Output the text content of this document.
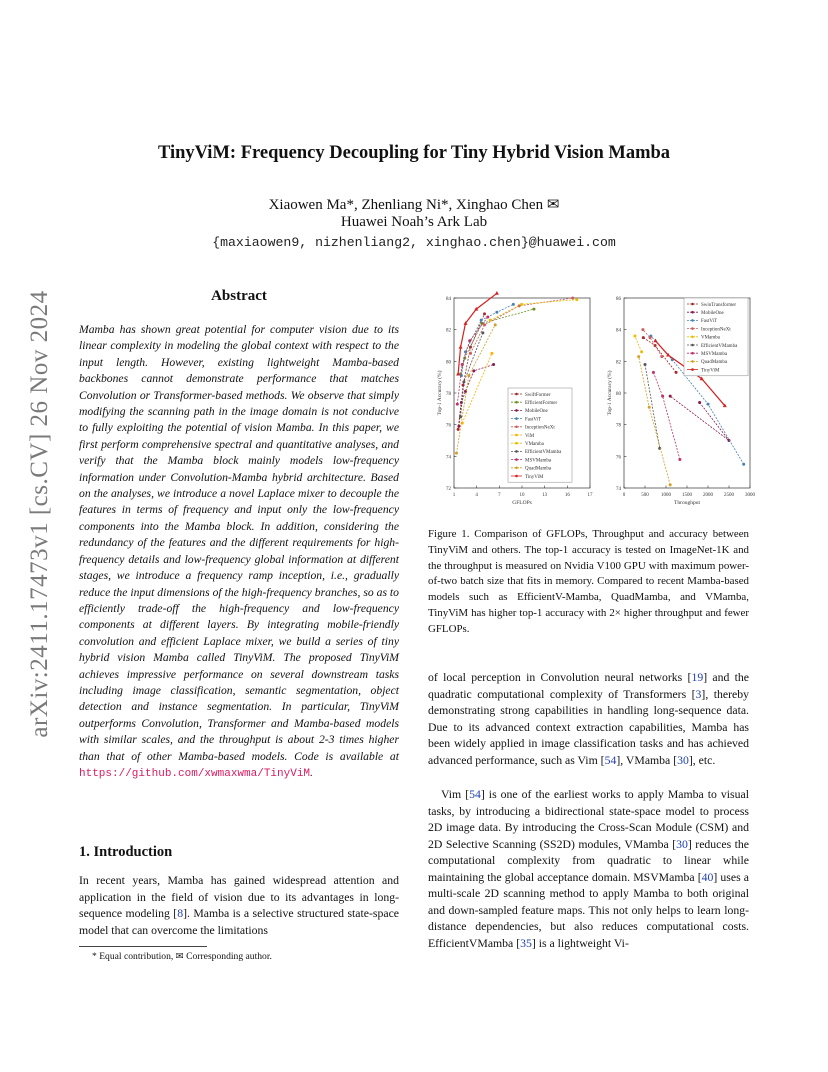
arXiv:2411.17473v1 [cs.CV] 26 Nov 2024
TinyViM: Frequency Decoupling for Tiny Hybrid Vision Mamba
Xiaowen Ma*, Zhenliang Ni*, Xinghao Chen ✉
Huawei Noah’s Ark Lab
{maxiaowen9, nizhenliang2, xinghao.chen}@huawei.com
Abstract
Mamba has shown great potential for computer vision due to its linear complexity in modeling the global context with respect to the input length. However, existing lightweight Mamba-based backbones cannot demonstrate performance that matches Convolution or Transformer-based methods. We observe that simply modifying the scanning path in the image domain is not conducive to fully exploiting the potential of vision Mamba. In this paper, we first perform comprehensive spectral and quantitative analyses, and verify that the Mamba block mainly models low-frequency information under Convolution-Mamba hybrid architecture. Based on the analyses, we introduce a novel Laplace mixer to decouple the features in terms of frequency and input only the low-frequency components into the Mamba block. In addition, considering the redundancy of the features and the different requirements for high-frequency details and low-frequency global information at different stages, we introduce a frequency ramp inception, i.e., gradually reduce the input dimensions of the high-frequency branches, so as to efficiently trade-off the high-frequency and low-frequency components at different layers. By integrating mobile-friendly convolution and efficient Laplace mixer, we build a series of tiny hybrid vision Mamba called TinyViM. The proposed TinyViM achieves impressive performance on several downstream tasks including image classification, semantic segmentation, object detection and instance segmentation. In particular, TinyViM outperforms Convolution, Transformer and Mamba-based models with similar scales, and the throughput is about 2-3 times higher than that of other Mamba-based models. Code is available at https://github.com/xwmaxwma/TinyViM.
1. Introduction
In recent years, Mamba has gained widespread attention and application in the field of vision due to its advantages in long-sequence modeling [8]. Mamba is a selective structured state-space model that can overcome the limitations
* Equal contribution, ✉ Corresponding author.
72
74
76
78
80
82
84
1	4	7	10	13	16	17
GFLOPs
Top-1 Accuracy (%)	SwiftFormer
EfficientFormer
MobileOne
FastViT
InceptionNeXt
ViM
VMamba
EfficientVMamba
MSVMamba
QuadMamba
TinyViM
74
76
78
80
82
84
86
0	500 1000 1500 2000 2500 3000
Throughput
Top-1 Accuracy (%)
SwinTransformer
MobileOne
FastViT
InceptionNeXt
VMamba
EfficientVMamba
MSVMamba
QuadMamba
TinyViM
Figure 1. Comparison of GFLOPs, Throughput and accuracy between TinyViM and others. The top-1 accuracy is tested on ImageNet-1K and the throughput is measured on Nvidia V100 GPU with maximum power-of-two batch size that fits in memory. Compared to recent Mamba-based models such as EfficientV-Mamba, QuadMamba, and VMamba, TinyViM has higher top-1 accuracy with 2× higher throughput and fewer GFLOPs.
of local perception in Convolution neural networks [19] and the quadratic computational complexity of Transformers [3], thereby demonstrating strong capabilities in handling long-sequence data. Due to its advanced context extraction capabilities, Mamba has been widely applied in image classification tasks and has achieved advanced performance, such as Vim [54], VMamba [30], etc.
Vim [54] is one of the earliest works to apply Mamba to visual tasks, by introducing a bidirectional state-space model to process 2D image data. By introducing the Cross-Scan Module (CSM) and 2D Selective Scanning (SS2D) modules, VMamba [30] reduces the computational complexity from quadratic to linear while maintaining the global acceptance domain. MSVMamba [40] uses a multi-scale 2D scanning method to apply Mamba to both original and down-sampled feature maps. This not only helps to learn long-distance dependencies, but also reduces computational costs. EfficientVMamba [35] is a lightweight Vi-
